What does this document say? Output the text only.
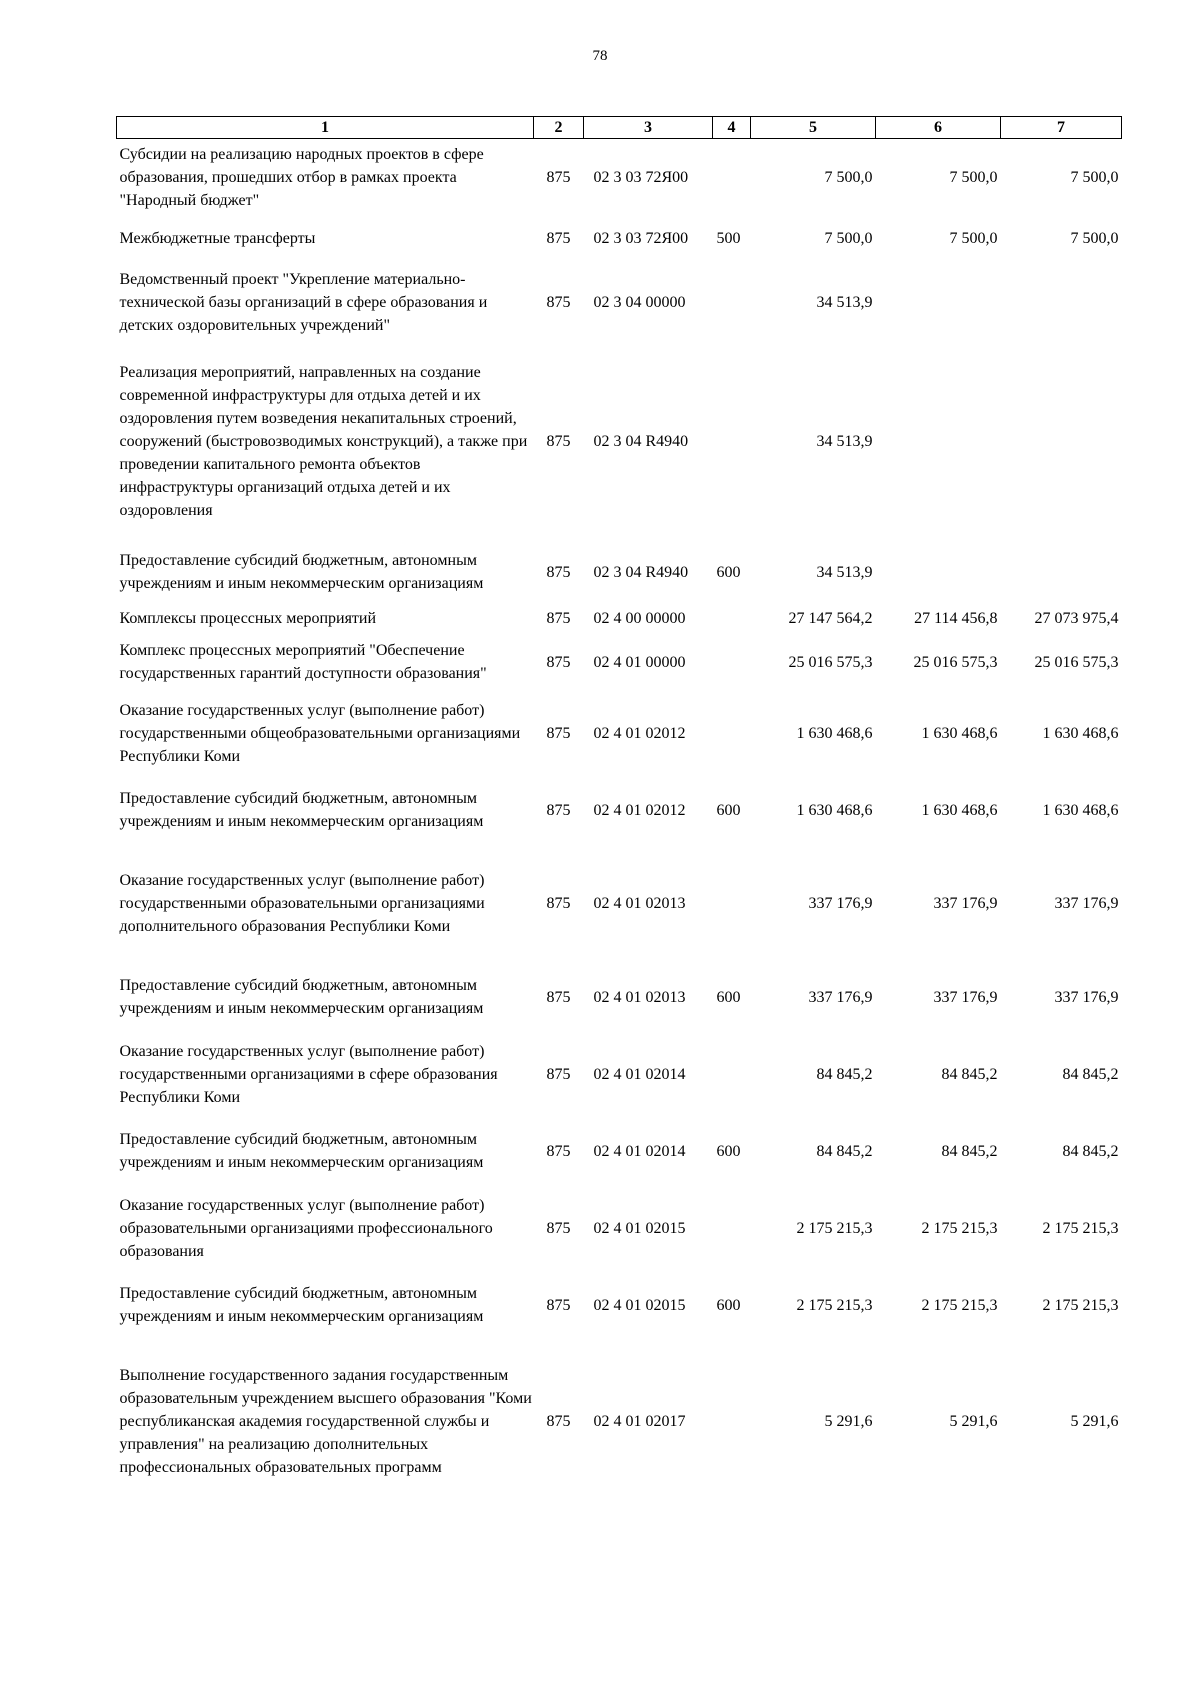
78
1	2	3	4	5	6	7
Субсидии на реализацию народных проектов в сфере образования, прошедших отбор в рамках проекта "Народный бюджет"	875	02 3 03 72Я00		7 500,0	7 500,0	7 500,0
Межбюджетные трансферты	875	02 3 03 72Я00	500	7 500,0	7 500,0	7 500,0
Ведомственный проект "Укрепление материально-технической базы организаций в сфере образования и детских оздоровительных учреждений"	875	02 3 04 00000		34 513,9		
Реализация мероприятий, направленных на создание современной инфраструктуры для отдыха детей и их оздоровления путем возведения некапитальных строений, сооружений (быстровозводимых конструкций), а также при проведении капитального ремонта объектов инфраструктуры организаций отдыха детей и их оздоровления	875	02 3 04 R4940		34 513,9		
Предоставление субсидий бюджетным, автономным учреждениям и иным некоммерческим организациям	875	02 3 04 R4940	600	34 513,9		
Комплексы процессных мероприятий	875	02 4 00 00000		27 147 564,2	27 114 456,8	27 073 975,4
Комплекс процессных мероприятий "Обеспечение государственных гарантий доступности образования"	875	02 4 01 00000		25 016 575,3	25 016 575,3	25 016 575,3
Оказание государственных услуг (выполнение работ) государственными общеобразовательными организациями Республики Коми	875	02 4 01 02012		1 630 468,6	1 630 468,6	1 630 468,6
Предоставление субсидий бюджетным, автономным учреждениям и иным некоммерческим организациям	875	02 4 01 02012	600	1 630 468,6	1 630 468,6	1 630 468,6
Оказание государственных услуг (выполнение работ) государственными образовательными организациями дополнительного образования Республики Коми	875	02 4 01 02013		337 176,9	337 176,9	337 176,9
Предоставление субсидий бюджетным, автономным учреждениям и иным некоммерческим организациям	875	02 4 01 02013	600	337 176,9	337 176,9	337 176,9
Оказание государственных услуг (выполнение работ) государственными организациями в сфере образования Республики Коми	875	02 4 01 02014		84 845,2	84 845,2	84 845,2
Предоставление субсидий бюджетным, автономным учреждениям и иным некоммерческим организациям	875	02 4 01 02014	600	84 845,2	84 845,2	84 845,2
Оказание государственных услуг (выполнение работ) образовательными организациями профессионального образования	875	02 4 01 02015		2 175 215,3	2 175 215,3	2 175 215,3
Предоставление субсидий бюджетным, автономным учреждениям и иным некоммерческим организациям	875	02 4 01 02015	600	2 175 215,3	2 175 215,3	2 175 215,3
Выполнение государственного задания государственным образовательным учреждением высшего образования "Коми республиканская академия государственной службы и управления" на реализацию дополнительных профессиональных образовательных программ	875	02 4 01 02017		5 291,6	5 291,6	5 291,6
